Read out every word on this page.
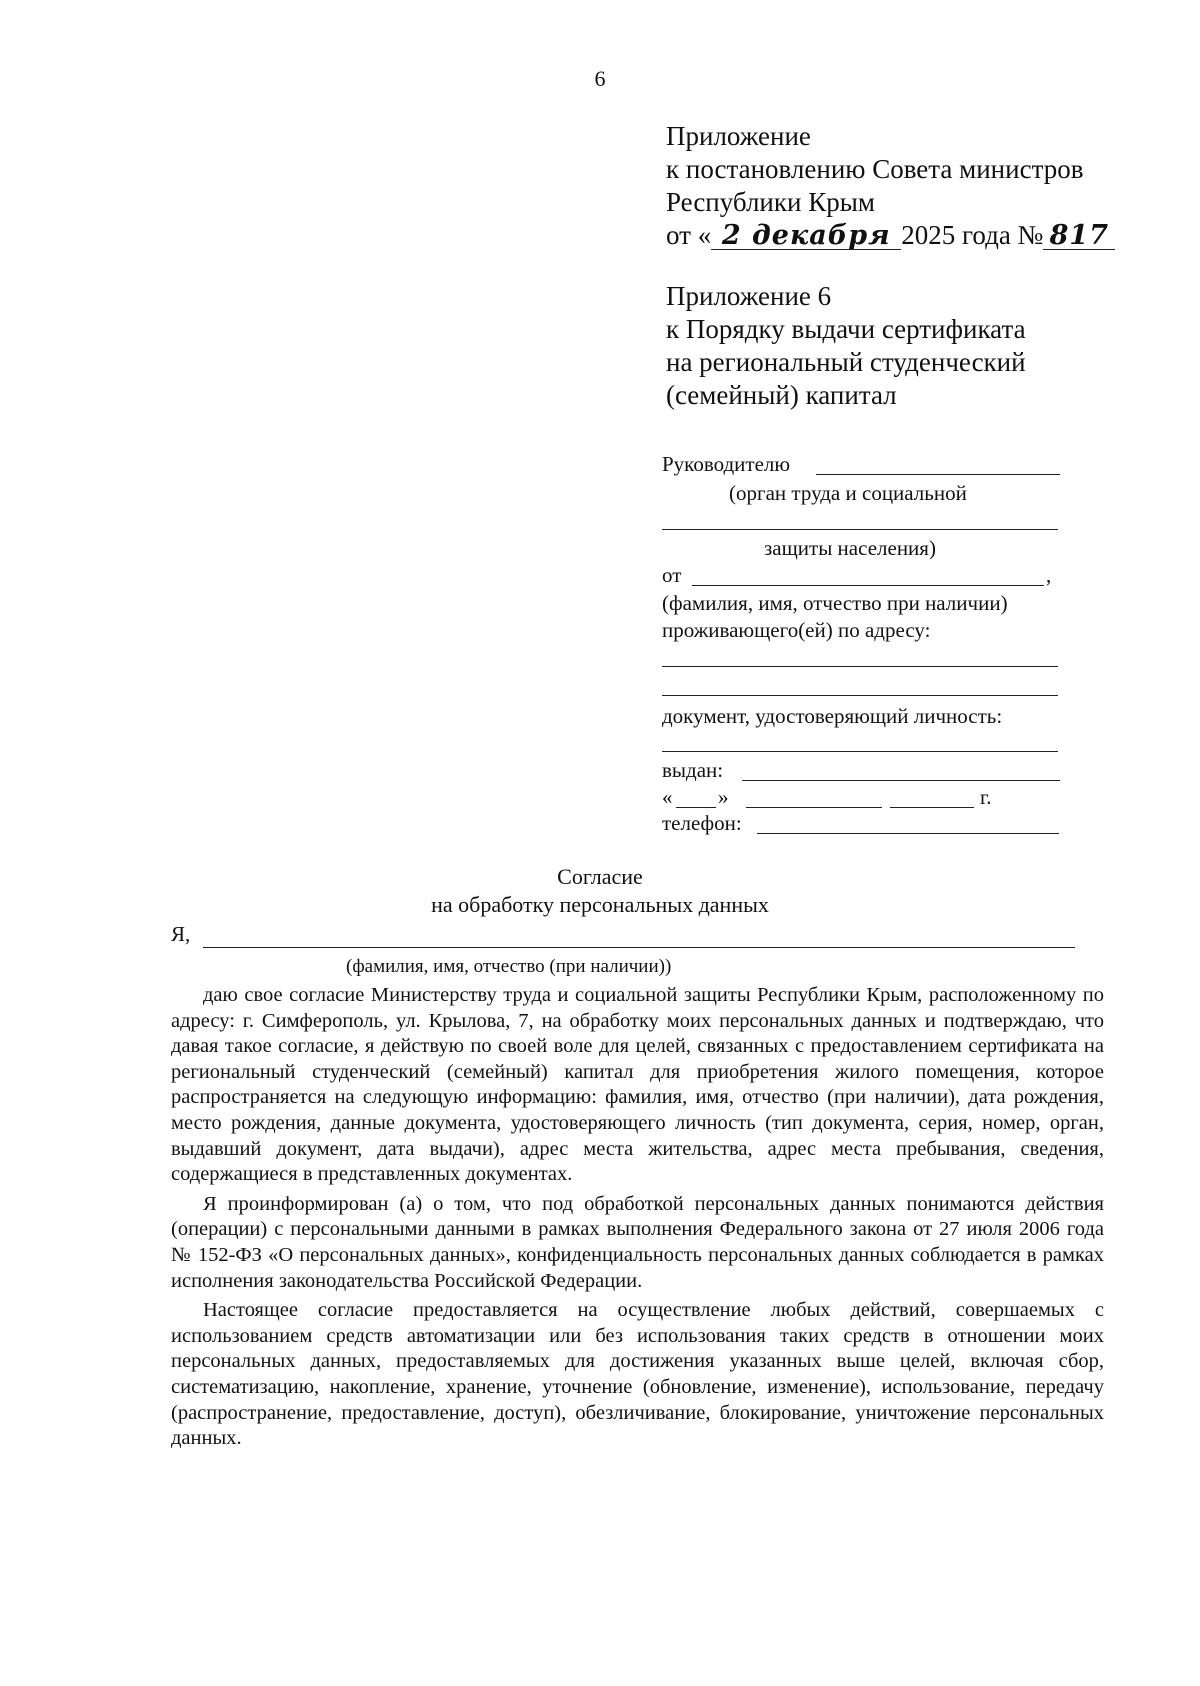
6
Приложение
к постановлению Совета министров
Республики Крым
от « 2 декабря 2025 года № 817
Приложение 6
к Порядку выдачи сертификата
на региональный студенческий
(семейный) капитал
Руководителю
(орган труда и социальной
защиты населения)
от	,
(фамилия, имя, отчество при наличии)
проживающего(ей) по адресу:
документ, удостоверяющий личность:
выдан:
« »	г.
телефон:
Согласие
на обработку персональных данных
Я,
(фамилия, имя, отчество (при наличии))

даю свое согласие Министерству труда и социальной защиты Республики Крым, расположенному по адресу: г. Симферополь, ул. Крылова, 7, на обработку моих персональных данных и подтверждаю, что давая такое согласие, я действую по своей воле для целей, связанных с предоставлением сертификата на региональный студенческий (семейный) капитал для приобретения жилого помещения, которое распространяется на следующую информацию: фамилия, имя, отчество (при наличии), дата рождения, место рождения, данные документа, удостоверяющего личность (тип документа, серия, номер, орган, выдавший документ, дата выдачи), адрес места жительства, адрес места пребывания, сведения, содержащиеся в представленных документах.

Я проинформирован (а) о том, что под обработкой персональных данных понимаются действия (операции) с персональными данными в рамках выполнения Федерального закона от 27 июля 2006 года № 152-ФЗ «О персональных данных», конфиденциальность персональных данных соблюдается в рамках исполнения законодательства Российской Федерации.

Настоящее согласие предоставляется на осуществление любых действий, совершаемых с использованием средств автоматизации или без использования таких средств в отношении моих персональных данных, предоставляемых для достижения указанных выше целей, включая сбор, систематизацию, накопление, хранение, уточнение (обновление, изменение), использование, передачу (распространение, предоставление, доступ), обезличивание, блокирование, уничтожение персональных данных.
